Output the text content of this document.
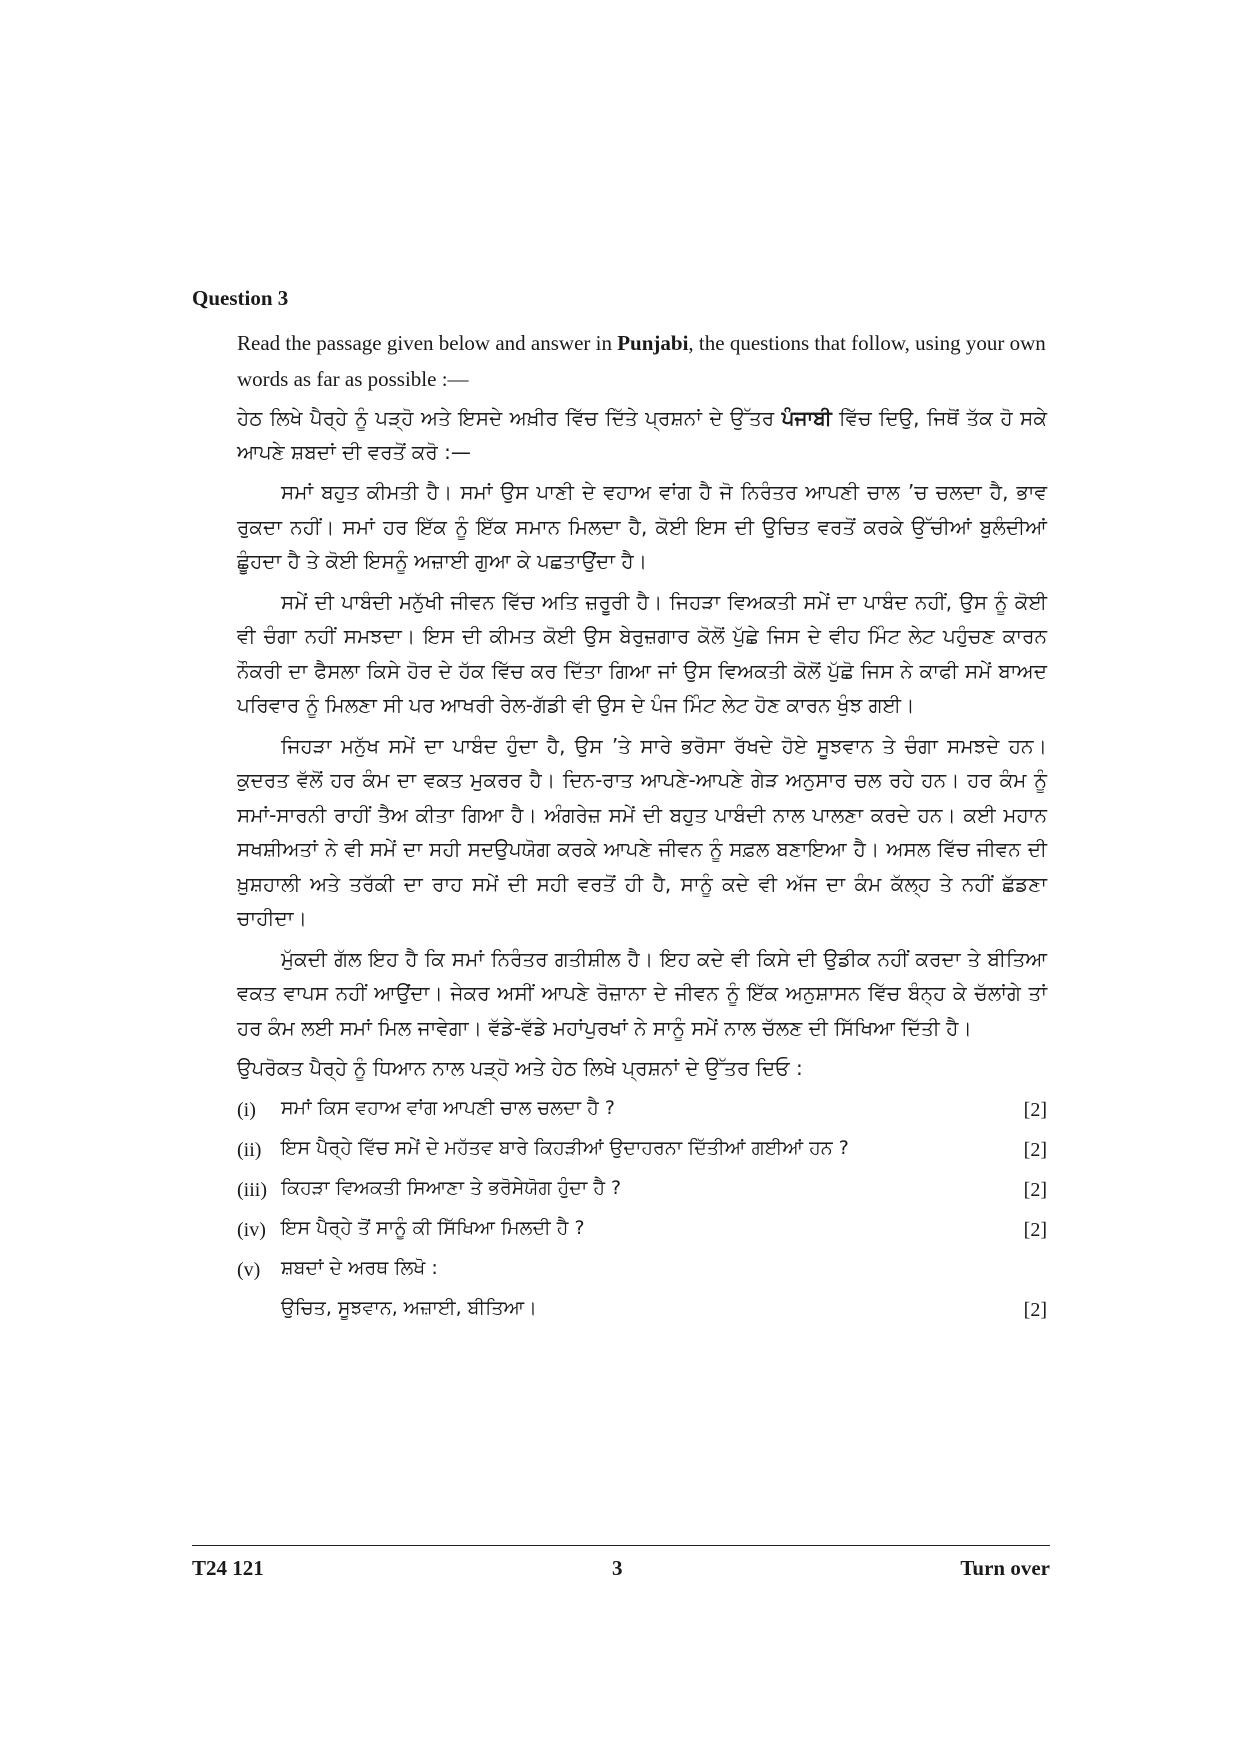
Question 3

Read the passage given below and answer in Punjabi, the questions that follow, using your own words as far as possible :—

ਹੇਠ ਲਿਖੇ ਪੈਰ੍ਹੇ ਨੂੰ ਪੜ੍ਹੋ ਅਤੇ ਇਸਦੇ ਅਖ਼ੀਰ ਵਿੱਚ ਦਿੱਤੇ ਪ੍ਰਸ਼ਨਾਂ ਦੇ ਉੱਤਰ ਪੰਜਾਬੀ ਵਿੱਚ ਦਿਉ, ਜਿਥੋਂ ਤੱਕ ਹੋ ਸਕੇ ਆਪਣੇ ਸ਼ਬਦਾਂ ਦੀ ਵਰਤੋਂ ਕਰੋ :—

ਸਮਾਂ ਬਹੁਤ ਕੀਮਤੀ ਹੈ। ਸਮਾਂ ਉਸ ਪਾਣੀ ਦੇ ਵਹਾਅ ਵਾਂਗ ਹੈ ਜੋ ਨਿਰੰਤਰ ਆਪਣੀ ਚਾਲ ’ਚ ਚਲਦਾ ਹੈ, ਭਾਵ ਰੁਕਦਾ ਨਹੀਂ। ਸਮਾਂ ਹਰ ਇੱਕ ਨੂੰ ਇੱਕ ਸਮਾਨ ਮਿਲਦਾ ਹੈ, ਕੋਈ ਇਸ ਦੀ ਉਚਿਤ ਵਰਤੋਂ ਕਰਕੇ ਉੱਚੀਆਂ ਬੁਲੰਦੀਆਂ ਛੂੰਹਦਾ ਹੈ ਤੇ ਕੋਈ ਇਸਨੂੰ ਅਜ਼ਾਈ ਗੁਆ ਕੇ ਪਛਤਾਉਂਦਾ ਹੈ।

ਸਮੇਂ ਦੀ ਪਾਬੰਦੀ ਮਨੁੱਖੀ ਜੀਵਨ ਵਿੱਚ ਅਤਿ ਜ਼ਰੂਰੀ ਹੈ। ਜਿਹੜਾ ਵਿਅਕਤੀ ਸਮੇਂ ਦਾ ਪਾਬੰਦ ਨਹੀਂ, ਉਸ ਨੂੰ ਕੋਈ ਵੀ ਚੰਗਾ ਨਹੀਂ ਸਮਝਦਾ। ਇਸ ਦੀ ਕੀਮਤ ਕੋਈ ਉਸ ਬੇਰੁਜ਼ਗਾਰ ਕੋਲੋਂ ਪੁੱਛੇ ਜਿਸ ਦੇ ਵੀਹ ਮਿੰਟ ਲੇਟ ਪਹੁੰਚਣ ਕਾਰਨ ਨੌਕਰੀ ਦਾ ਫੈਸਲਾ ਕਿਸੇ ਹੋਰ ਦੇ ਹੱਕ ਵਿੱਚ ਕਰ ਦਿੱਤਾ ਗਿਆ ਜਾਂ ਉਸ ਵਿਅਕਤੀ ਕੋਲੋਂ ਪੁੱਛੋ ਜਿਸ ਨੇ ਕਾਫੀ ਸਮੇਂ ਬਾਅਦ ਪਰਿਵਾਰ ਨੂੰ ਮਿਲਣਾ ਸੀ ਪਰ ਆਖਰੀ ਰੇਲ-ਗੱਡੀ ਵੀ ਉਸ ਦੇ ਪੰਜ ਮਿੰਟ ਲੇਟ ਹੋਣ ਕਾਰਨ ਖੁੰਝ ਗਈ।

ਜਿਹੜਾ ਮਨੁੱਖ ਸਮੇਂ ਦਾ ਪਾਬੰਦ ਹੁੰਦਾ ਹੈ, ਉਸ ’ਤੇ ਸਾਰੇ ਭਰੋਸਾ ਰੱਖਦੇ ਹੋਏ ਸੂਝਵਾਨ ਤੇ ਚੰਗਾ ਸਮਝਦੇ ਹਨ। ਕੁਦਰਤ ਵੱਲੋਂ ਹਰ ਕੰਮ ਦਾ ਵਕਤ ਮੁਕਰਰ ਹੈ। ਦਿਨ-ਰਾਤ ਆਪਣੇ-ਆਪਣੇ ਗੇੜ ਅਨੁਸਾਰ ਚਲ ਰਹੇ ਹਨ। ਹਰ ਕੰਮ ਨੂੰ ਸਮਾਂ-ਸਾਰਨੀ ਰਾਹੀਂ ਤੈਅ ਕੀਤਾ ਗਿਆ ਹੈ। ਅੰਗਰੇਜ਼ ਸਮੇਂ ਦੀ ਬਹੁਤ ਪਾਬੰਦੀ ਨਾਲ ਪਾਲਣਾ ਕਰਦੇ ਹਨ। ਕਈ ਮਹਾਨ ਸਖਸ਼ੀਅਤਾਂ ਨੇ ਵੀ ਸਮੇਂ ਦਾ ਸਹੀ ਸਦਉਪਯੋਗ ਕਰਕੇ ਆਪਣੇ ਜੀਵਨ ਨੂੰ ਸਫ਼ਲ ਬਣਾਇਆ ਹੈ। ਅਸਲ ਵਿੱਚ ਜੀਵਨ ਦੀ ਖ਼ੁਸ਼ਹਾਲੀ ਅਤੇ ਤਰੱਕੀ ਦਾ ਰਾਹ ਸਮੇਂ ਦੀ ਸਹੀ ਵਰਤੋਂ ਹੀ ਹੈ, ਸਾਨੂੰ ਕਦੇ ਵੀ ਅੱਜ ਦਾ ਕੰਮ ਕੱਲ੍ਹ ਤੇ ਨਹੀਂ ਛੱਡਣਾ ਚਾਹੀਦਾ।

ਮੁੱਕਦੀ ਗੱਲ ਇਹ ਹੈ ਕਿ ਸਮਾਂ ਨਿਰੰਤਰ ਗਤੀਸ਼ੀਲ ਹੈ। ਇਹ ਕਦੇ ਵੀ ਕਿਸੇ ਦੀ ਉਡੀਕ ਨਹੀਂ ਕਰਦਾ ਤੇ ਬੀਤਿਆ ਵਕਤ ਵਾਪਸ ਨਹੀਂ ਆਉਂਦਾ। ਜੇਕਰ ਅਸੀਂ ਆਪਣੇ ਰੋਜ਼ਾਨਾ ਦੇ ਜੀਵਨ ਨੂੰ ਇੱਕ ਅਨੁਸ਼ਾਸਨ ਵਿੱਚ ਬੰਨ੍ਹ ਕੇ ਚੱਲਾਂਗੇ ਤਾਂ ਹਰ ਕੰਮ ਲਈ ਸਮਾਂ ਮਿਲ ਜਾਵੇਗਾ। ਵੱਡੇ-ਵੱਡੇ ਮਹਾਂਪੁਰਖਾਂ ਨੇ ਸਾਨੂੰ ਸਮੇਂ ਨਾਲ ਚੱਲਣ ਦੀ ਸਿੱਖਿਆ ਦਿੱਤੀ ਹੈ।

ਉਪਰੋਕਤ ਪੈਰ੍ਹੇ ਨੂੰ ਧਿਆਨ ਨਾਲ ਪੜ੍ਹੋ ਅਤੇ ਹੇਠ ਲਿਖੇ ਪ੍ਰਸ਼ਨਾਂ ਦੇ ਉੱਤਰ ਦਿਓ :

(i) ਸਮਾਂ ਕਿਸ ਵਹਾਅ ਵਾਂਗ ਆਪਣੀ ਚਾਲ ਚਲਦਾ ਹੈ ?	[2]
(ii) ਇਸ ਪੈਰ੍ਹੇ ਵਿੱਚ ਸਮੇਂ ਦੇ ਮਹੱਤਵ ਬਾਰੇ ਕਿਹੜੀਆਂ ਉਦਾਹਰਨਾ ਦਿੱਤੀਆਂ ਗਈਆਂ ਹਨ ?	[2]
(iii) ਕਿਹੜਾ ਵਿਅਕਤੀ ਸਿਆਣਾ ਤੇ ਭਰੋਸੇਯੋਗ ਹੁੰਦਾ ਹੈ ?	[2]
(iv) ਇਸ ਪੈਰ੍ਹੇ ਤੋਂ ਸਾਨੂੰ ਕੀ ਸਿੱਖਿਆ ਮਿਲਦੀ ਹੈ ?	[2]
(v) ਸ਼ਬਦਾਂ ਦੇ ਅਰਥ ਲਿਖੋ :
ਉਚਿਤ, ਸੂਝਵਾਨ, ਅਜ਼ਾਈ, ਬੀਤਿਆ।	[2]
T24 121	3	Turn over
